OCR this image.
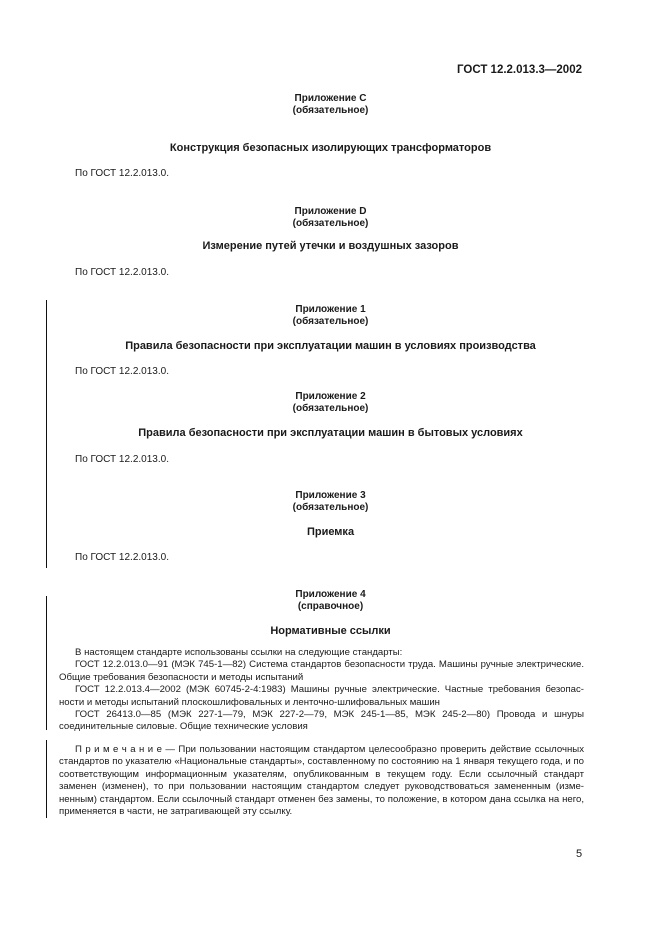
ГОСТ 12.2.013.3—2002
Приложение С
(обязательное)
Конструкция безопасных изолирующих трансформаторов
По ГОСТ 12.2.013.0.
Приложение D
(обязательное)
Измерение путей утечки и воздушных зазоров
По ГОСТ 12.2.013.0.
Приложение 1
(обязательное)
Правила безопасности при эксплуатации машин в условиях производства
По ГОСТ 12.2.013.0.
Приложение 2
(обязательное)
Правила безопасности при эксплуатации машин в бытовых условиях
По ГОСТ 12.2.013.0.
Приложение 3
(обязательное)
Приемка
По ГОСТ 12.2.013.0.
Приложение 4
(справочное)
Нормативные ссылки

В настоящем стандарте использованы ссылки на следующие стандарты:

ГОСТ 12.2.013.0—91 (МЭК 745-1—82) Система стандартов безопасности труда. Машины ручные электрические. Общие требования безопасности и методы испытаний

ГОСТ 12.2.013.4—2002 (МЭК 60745-2-4:1983) Машины ручные электрические. Частные требования безопасности и методы испытаний плоскошлифовальных и ленточно-шлифовальных машин

ГОСТ 26413.0—85 (МЭК 227-1—79, МЭК 227-2—79, МЭК 245-1—85, МЭК 245-2—80) Провода и шнуры соединительные силовые. Общие технические условия

П р и м е ч а н и е — При пользовании настоящим стандартом целесообразно проверить действие ссылочных стандартов по указателю «Национальные стандарты», составленному по состоянию на 1 января текущего года, и по соответствующим информационным указателям, опубликованным в текущем году. Если ссылочный стандарт заменен (изменен), то при пользовании настоящим стандартом следует руководствоваться замененным (измененным) стандартом. Если ссылочный стандарт отменен без замены, то положение, в котором дана ссылка на него, применяется в части, не затрагивающей эту ссылку.

5
